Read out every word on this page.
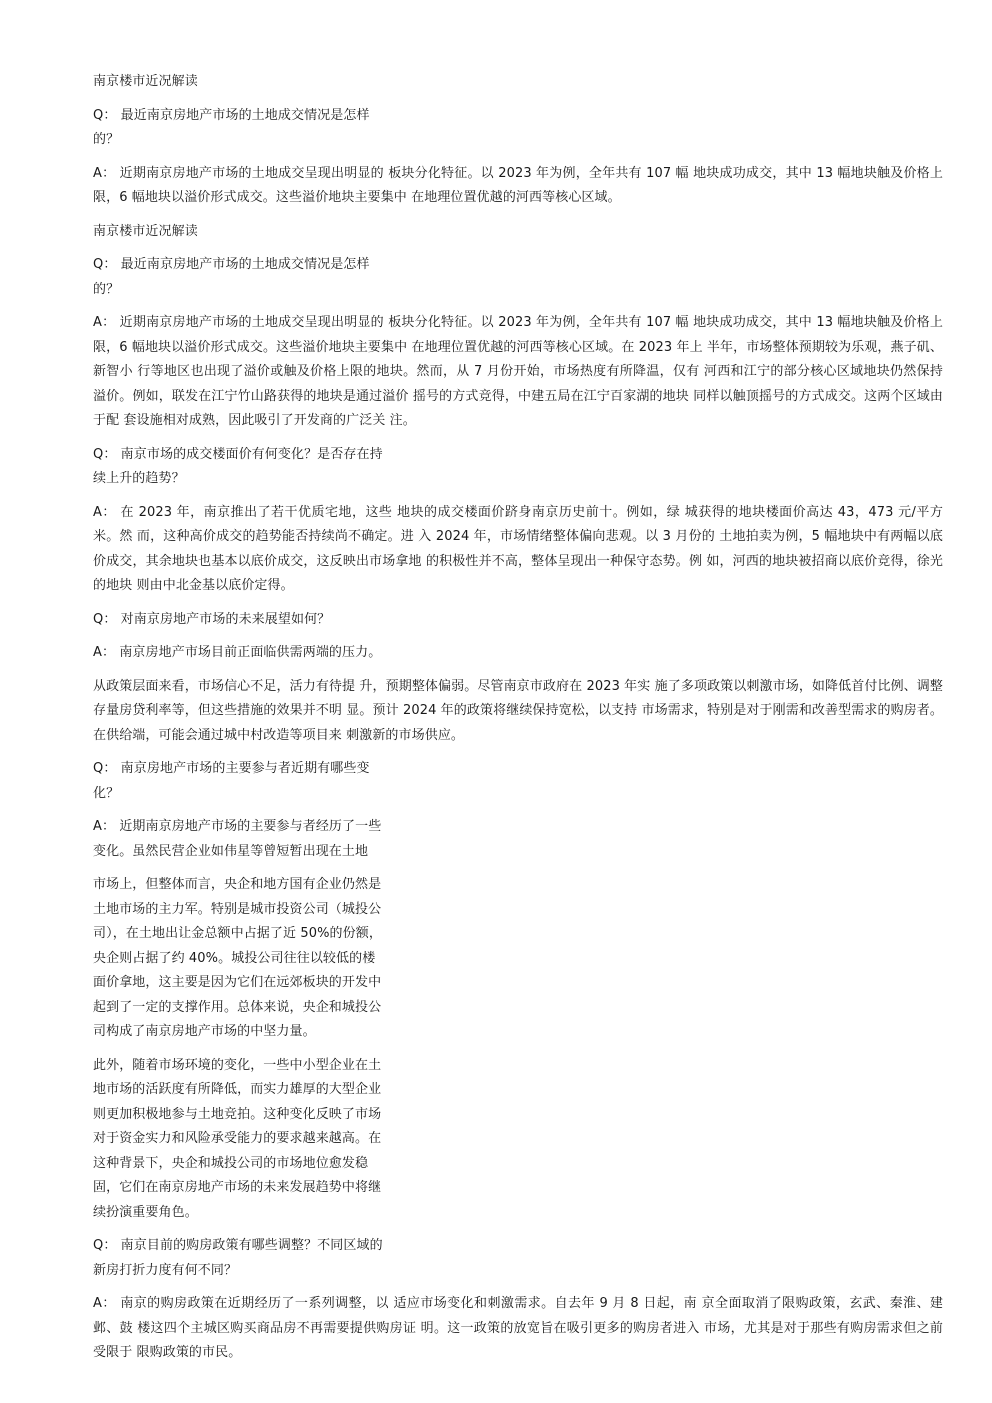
南京楼市近况解读

Q： 最近南京房地产市场的土地成交情况是怎样的？

A： 近期南京房地产市场的土地成交呈现出明显的 板块分化特征。以 2023 年为例，全年共有 107 幅 地块成功成交，其中 13 幅地块触及价格上限，6 幅地块以溢价形式成交。这些溢价地块主要集中 在地理位置优越的河西等核心区域。

南京楼市近况解读

Q： 最近南京房地产市场的土地成交情况是怎样的？

A： 近期南京房地产市场的土地成交呈现出明显的 板块分化特征。以 2023 年为例，全年共有 107 幅 地块成功成交，其中 13 幅地块触及价格上限，6 幅地块以溢价形式成交。这些溢价地块主要集中 在地理位置优越的河西等核心区域。在 2023 年上 半年，市场整体预期较为乐观，燕子矶、新智小 行等地区也出现了溢价或触及价格上限的地块。然而，从 7 月份开始，市场热度有所降温，仅有 河西和江宁的部分核心区域地块仍然保持溢价。例如，联发在江宁竹山路获得的地块是通过溢价 摇号的方式竞得，中建五局在江宁百家湖的地块 同样以触顶摇号的方式成交。这两个区域由于配 套设施相对成熟，因此吸引了开发商的广泛关 注。

Q： 南京市场的成交楼面价有何变化？是否存在持续上升的趋势？

A： 在 2023 年，南京推出了若干优质宅地，这些 地块的成交楼面价跻身南京历史前十。例如，绿 城获得的地块楼面价高达 43，473 元/平方米。然 而，这种高价成交的趋势能否持续尚不确定。进 入 2024 年，市场情绪整体偏向悲观。以 3 月份的 土地拍卖为例，5 幅地块中有两幅以底价成交，其余地块也基本以底价成交，这反映出市场拿地 的积极性并不高，整体呈现出一种保守态势。例 如，河西的地块被招商以底价竞得，徐光的地块 则由中北金基以底价定得。

Q： 对南京房地产市场的未来展望如何？

A： 南京房地产市场目前正面临供需两端的压力。

从政策层面来看，市场信心不足，活力有待提 升，预期整体偏弱。尽管南京市政府在 2023 年实 施了多项政策以刺激市场，如降低首付比例、调整存量房贷利率等，但这些措施的效果并不明 显。预计 2024 年的政策将继续保持宽松，以支持 市场需求，特别是对于刚需和改善型需求的购房者。在供给端，可能会通过城中村改造等项目来 刺激新的市场供应。

Q： 南京房地产市场的主要参与者近期有哪些变化？

A： 近期南京房地产市场的主要参与者经历了一些变化。虽然民营企业如伟星等曾短暂出现在土地

市场上，但整体而言，央企和地方国有企业仍然是土地市场的主力军。特别是城市投资公司（城投公司），在土地出让金总额中占据了近 50%的份额，央企则占据了约 40%。城投公司往往以较低的楼面价拿地，这主要是因为它们在远郊板块的开发中起到了一定的支撑作用。总体来说，央企和城投公司构成了南京房地产市场的中坚力量。

此外，随着市场环境的变化，一些中小型企业在土地市场的活跃度有所降低，而实力雄厚的大型企业则更加积极地参与土地竞拍。这种变化反映了市场对于资金实力和风险承受能力的要求越来越高。在这种背景下，央企和城投公司的市场地位愈发稳固，它们在南京房地产市场的未来发展趋势中将继续扮演重要角色。

Q： 南京目前的购房政策有哪些调整？不同区域的新房打折力度有何不同？

A： 南京的购房政策在近期经历了一系列调整，以 适应市场变化和刺激需求。自去年 9 月 8 日起，南 京全面取消了限购政策，玄武、秦淮、建邺、鼓 楼这四个主城区购买商品房不再需要提供购房证 明。这一政策的放宽旨在吸引更多的购房者进入 市场，尤其是对于那些有购房需求但之前受限于 限购政策的市民。
